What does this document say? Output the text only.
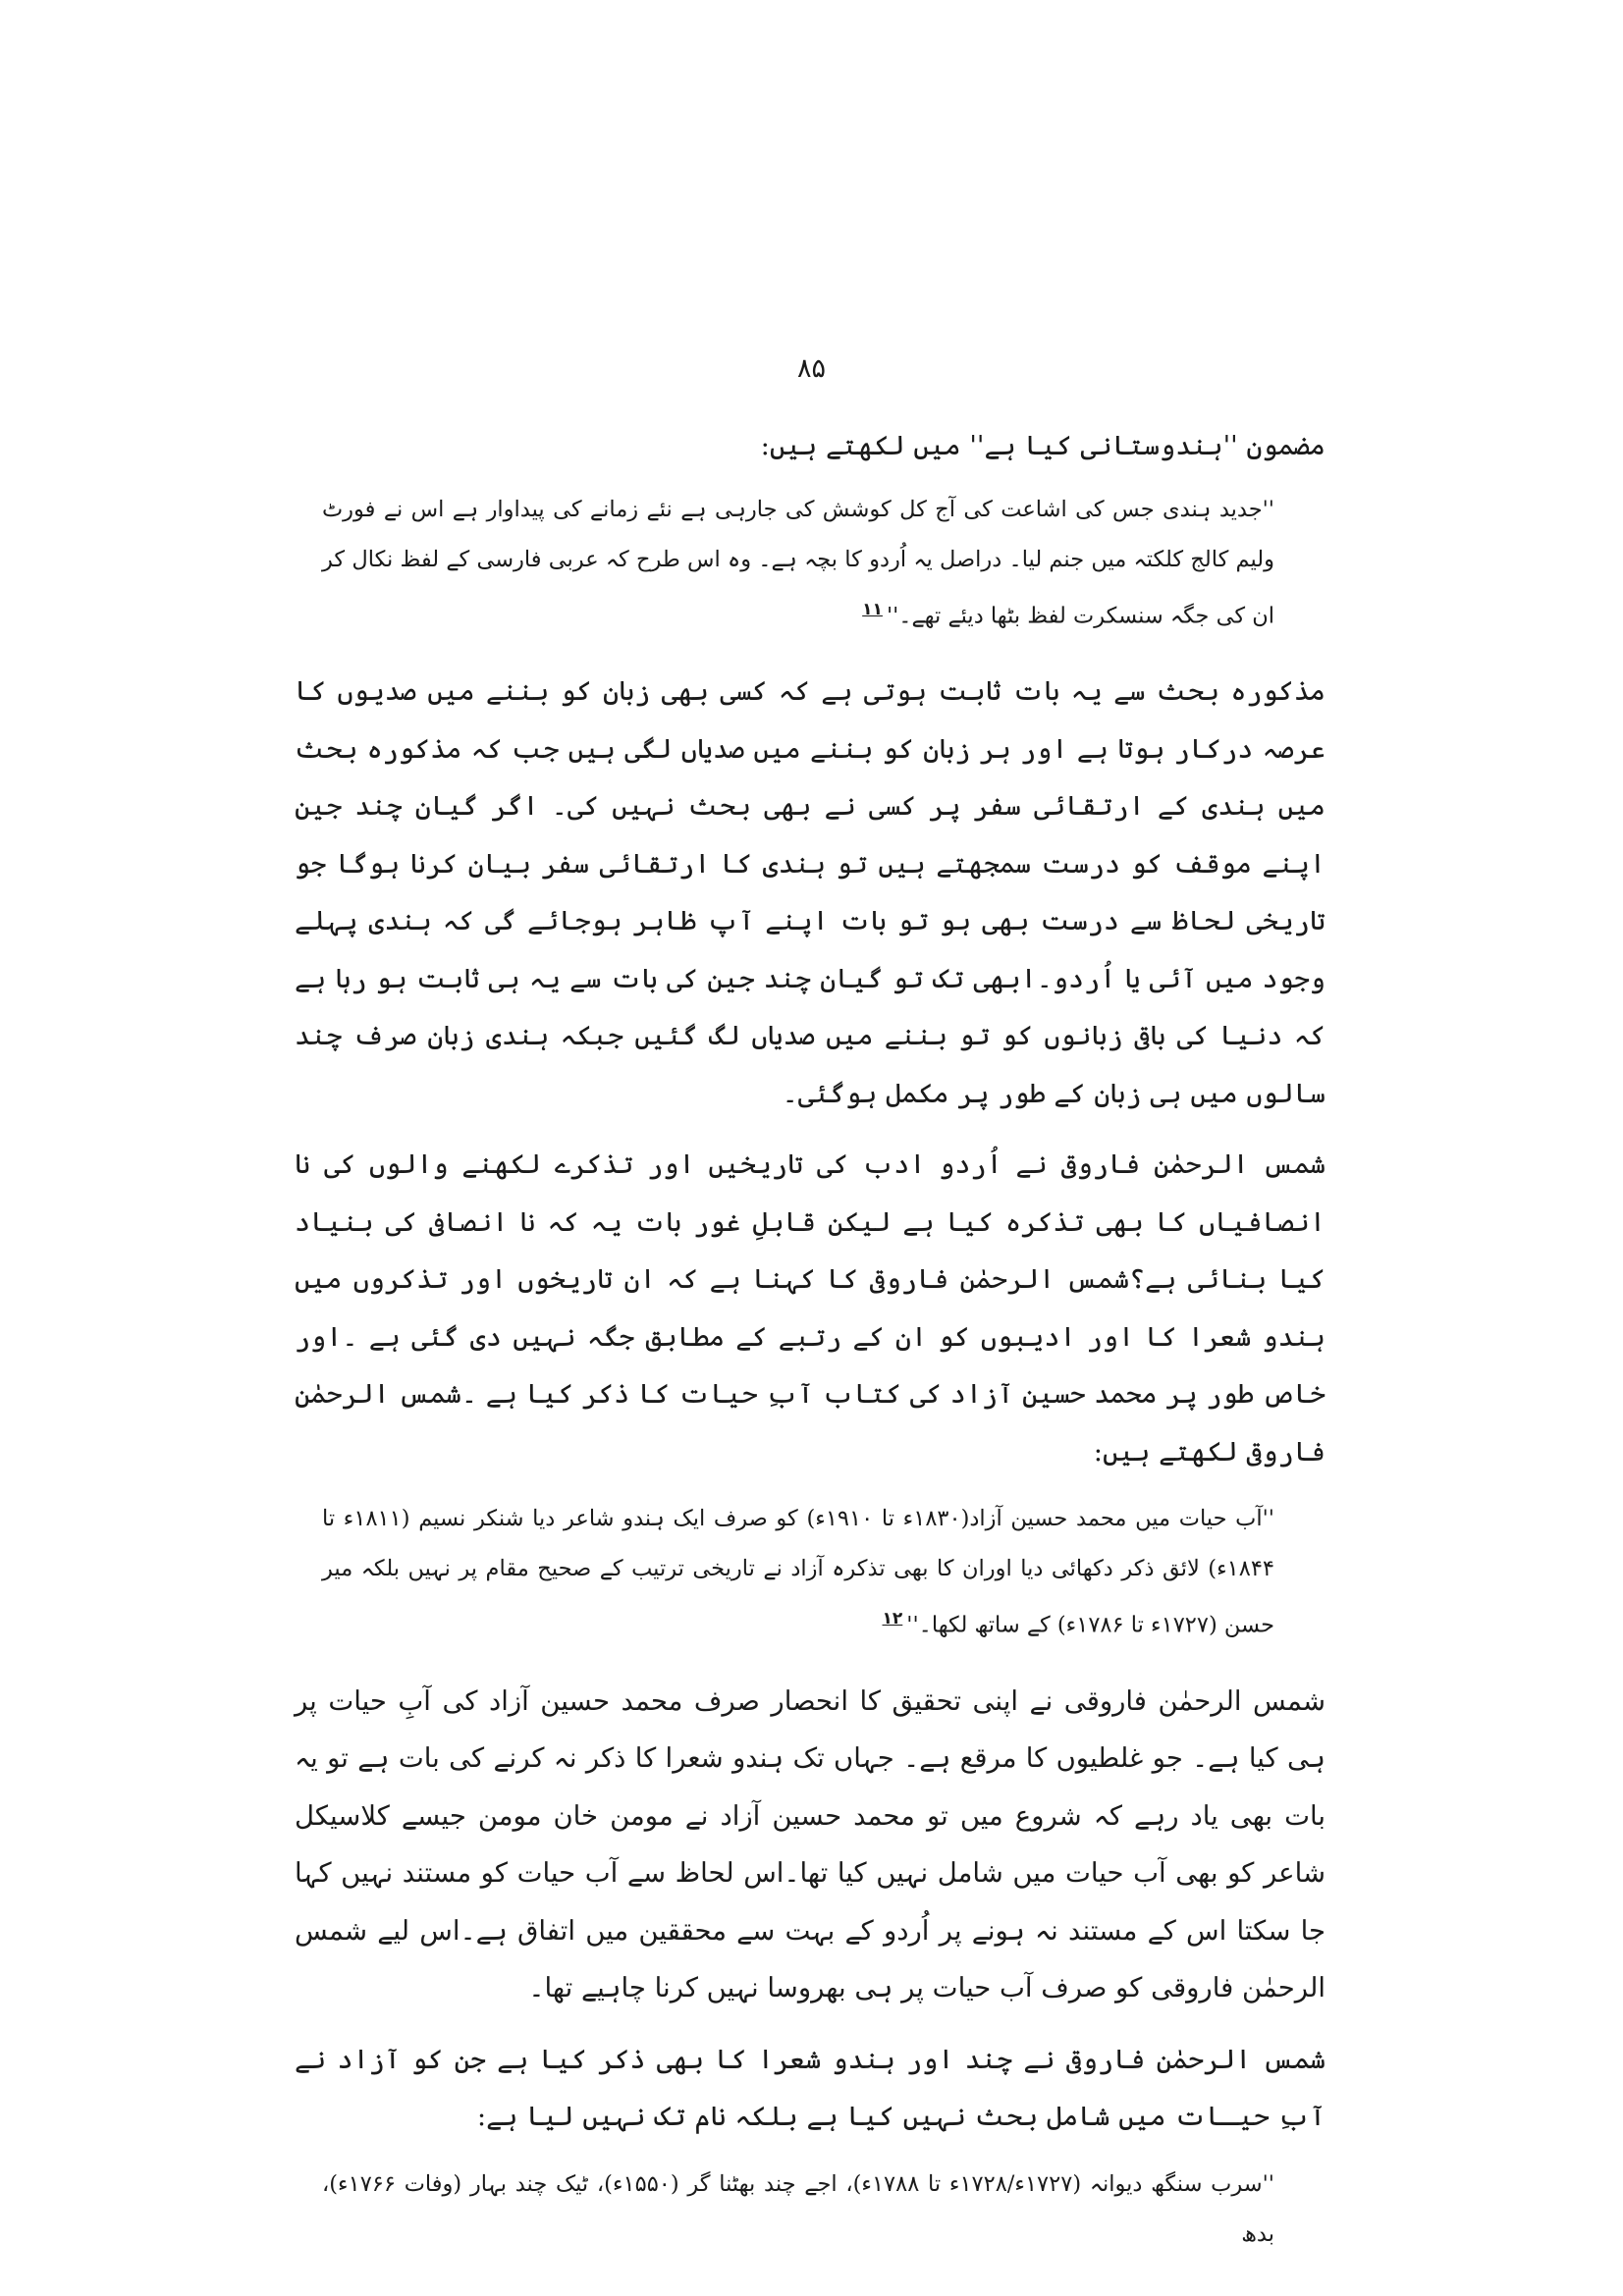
۸۵
مضمون ''ہندوستانی کیا ہے'' میں لکھتے ہیں:
''جدید ہندی جس کی اشاعت کی آج کل کوشش کی جارہی ہے نئے زمانے کی پیداوار ہے اس نے فورٹ ولیم کالج کلکتہ میں جنم لیا۔ دراصل یہ اُردو کا بچہ ہے۔ وہ اس طرح کہ عربی فارسی کے لفظ نکال کر ان کی جگہ سنسکرت لفظ بٹھا دیئے تھے۔''$^{۱۱}$
مذکورہ بحث سے یہ بات ثابت ہوتی ہے کہ کسی بھی زبان کو بننے میں صدیوں کا عرصہ درکار ہوتا ہے اور ہر زبان کو بننے میں صدیاں لگی ہیں جب کہ مذکورہ بحث میں ہندی کے ارتقائی سفر پر کسی نے بھی بحث نہیں کی۔ اگر گیان چند جین اپنے موقف کو درست سمجھتے ہیں تو ہندی کا ارتقائی سفر بیان کرنا ہوگا جو تاریخی لحاظ سے درست بھی ہو تو بات اپنے آپ ظاہر ہوجائے گی کہ ہندی پہلے وجود میں آئی یا اُردو۔ابھی تک تو گیان چند جین کی بات سے یہ ہی ثابت ہو رہا ہے کہ دنیا کی باقی زبانوں کو تو بننے میں صدیاں لگ گئیں جبکہ ہندی زبان صرف چند سالوں میں ہی زبان کے طور پر مکمل ہوگئی۔
شمس الرحمٰن فاروقی نے اُردو ادب کی تاریخیں اور تذکرے لکھنے والوں کی نا انصافیاں کا بھی تذکرہ کیا ہے لیکن قابلِ غور بات یہ کہ نا انصافی کی بنیاد کیا بنائی ہے؟شمس الرحمٰن فاروقی کا کہنا ہے کہ ان تاریخوں اور تذکروں میں ہندو شعرا کا اور ادیبوں کو ان کے رتبے کے مطابق جگہ نہیں دی گئی ہے ۔اور خاص طور پر محمد حسین آزاد کی کتاب آبِ حیات کا ذکر کیا ہے ۔شمس الرحمٰن فاروقی لکھتے ہیں:
''آب حیات میں محمد حسین آزاد(۱۸۳۰ء تا ۱۹۱۰ء) کو صرف ایک ہندو شاعر دیا شنکر نسیم (۱۸۱۱ء تا ۱۸۴۴ء) لائق ذکر دکھائی دیا اوران کا بھی تذکرہ آزاد نے تاریخی ترتیب کے صحیح مقام پر نہیں بلکہ میر حسن (۱۷۲۷ء تا ۱۷۸۶ء) کے ساتھ لکھا۔''$^{۱۲}$
شمس الرحمٰن فاروقی نے اپنی تحقیق کا انحصار صرف محمد حسین آزاد کی آبِ حیات پر ہی کیا ہے۔ جو غلطیوں کا مرقع ہے۔ جہاں تک ہندو شعرا کا ذکر نہ کرنے کی بات ہے تو یہ بات بھی یاد رہے کہ شروع میں تو محمد حسین آزاد نے مومن خان مومن جیسے کلاسیکل شاعر کو بھی آب حیات میں شامل نہیں کیا تھا۔اس لحاظ سے آب حیات کو مستند نہیں کہا جا سکتا اس کے مستند نہ ہونے پر اُردو کے بہت سے محققین میں اتفاق ہے۔اس لیے شمس الرحمٰن فاروقی کو صرف آب حیات پر ہی بھروسا نہیں کرنا چاہیے تھا۔
شمس الرحمٰن فاروقی نے چند اور ہندو شعرا کا بھی ذکر کیا ہے جن کو آزاد نے آبِ حیـات میں شامل بحث نہیں کیا ہے بلکہ نام تک نہیں لیا ہے:
''سرب سنگھ دیوانہ (۱۷۲۷ء/۱۷۲۸ء تا ۱۷۸۸ء)، اجے چند بھٹنا گر (۱۵۵۰ء)، ٹیک چند بہار (وفات ۱۷۶۶ء)، بدھ
